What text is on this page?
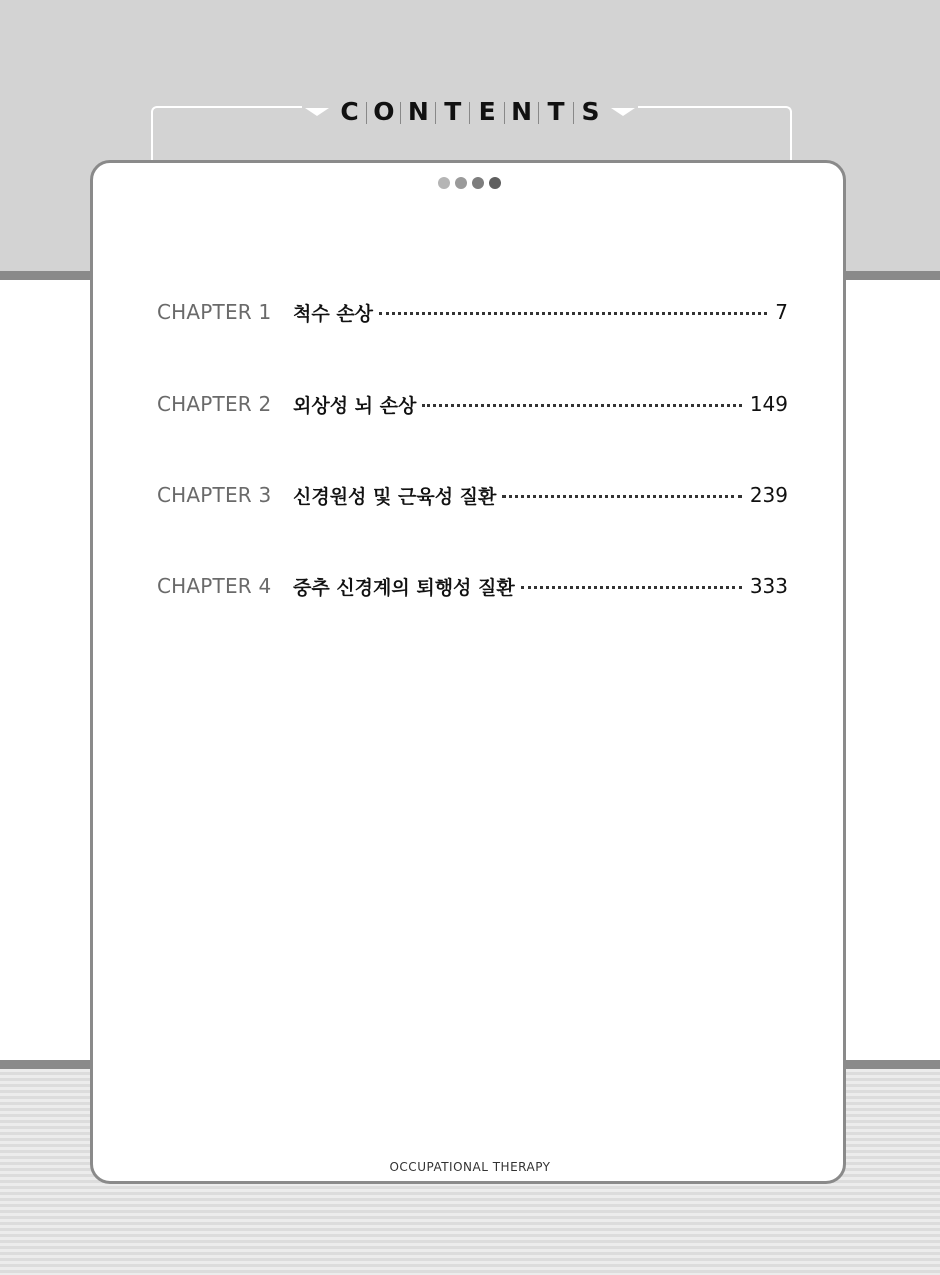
C O N T E N T S
CHAPTER 1	척수 손상	7
CHAPTER 2	외상성 뇌 손상	149
CHAPTER 3	신경원성 및 근육성 질환	239
CHAPTER 4	중추 신경계의 퇴행성 질환	333
OCCUPATIONAL THERAPY
